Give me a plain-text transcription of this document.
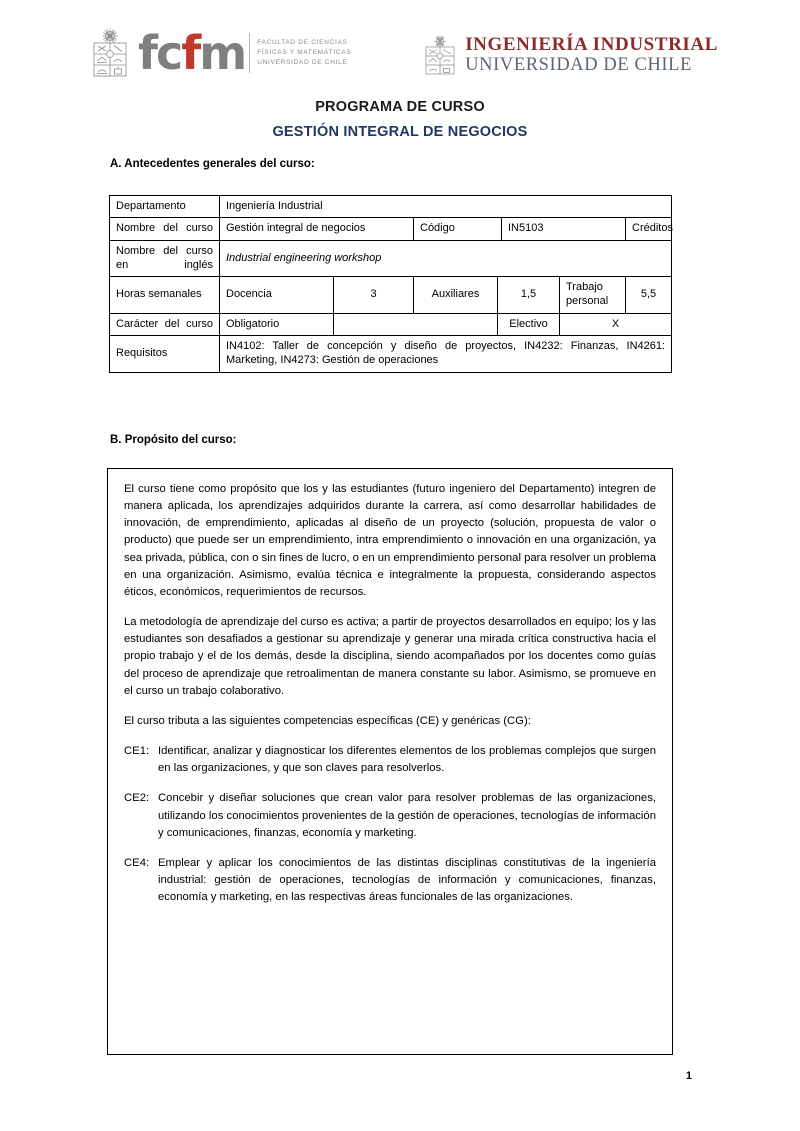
fc f m FACULTAD DE CIENCIAS
FÍSICAS Y MATEMÁTICAS
UNIVERSIDAD DE CHILE
INGENIERÍA INDUSTRIAL
UNIVERSIDAD DE CHILE
PROGRAMA DE CURSO
GESTIÓN INTEGRAL DE NEGOCIOS
A. Antecedentes generales del curso:
Departamento	Ingeniería Industrial			
Nombre del curso	Gestión integral de negocios	Código	IN5103	Créditos
Nombre del curso en inglés	Industrial engineering workshop					
Horas semanales	Docencia	3	Auxiliares	1,5	Trabajo personal	5,5
Carácter del curso	Obligatorio			Electivo	X	
Requisitos	IN4102: Taller de concepción y diseño de proyectos, IN4232: Finanzas, IN4261: Marketing, IN4273: Gestión de operaciones					
B. Propósito del curso:

El curso tiene como propósito que los y las estudiantes (futuro ingeniero del Departamento) integren de manera aplicada, los aprendizajes adquiridos durante la carrera, así como desarrollar habilidades de innovación, de emprendimiento, aplicadas al diseño de un proyecto (solución, propuesta de valor o producto) que puede ser un emprendimiento, intra emprendimiento o innovación en una organización, ya sea privada, pública, con o sin fines de lucro, o en un emprendimiento personal para resolver un problema en una organización. Asimismo, evalúa técnica e integralmente la propuesta, considerando aspectos éticos, económicos, requerimientos de recursos.

La metodología de aprendizaje del curso es activa; a partir de proyectos desarrollados en equipo; los y las estudiantes son desafiados a gestionar su aprendizaje y generar una mirada crítica constructiva hacia el propio trabajo y el de los demás, desde la disciplina, siendo acompañados por los docentes como guías del proceso de aprendizaje que retroalimentan de manera constante su labor. Asimismo, se promueve en el curso un trabajo colaborativo.

El curso tributa a las siguientes competencias específicas (CE) y genéricas (CG):

CE1: Identificar, analizar y diagnosticar los diferentes elementos de los problemas complejos que surgen en las organizaciones, y que son claves para resolverlos.
CE2: Concebir y diseñar soluciones que crean valor para resolver problemas de las organizaciones, utilizando los conocimientos provenientes de la gestión de operaciones, tecnologías de información y comunicaciones, finanzas, economía y marketing.
CE4: Emplear y aplicar los conocimientos de las distintas disciplinas constitutivas de la ingeniería industrial: gestión de operaciones, tecnologías de información y comunicaciones, finanzas, economía y marketing, en las respectivas áreas funcionales de las organizaciones.
1
